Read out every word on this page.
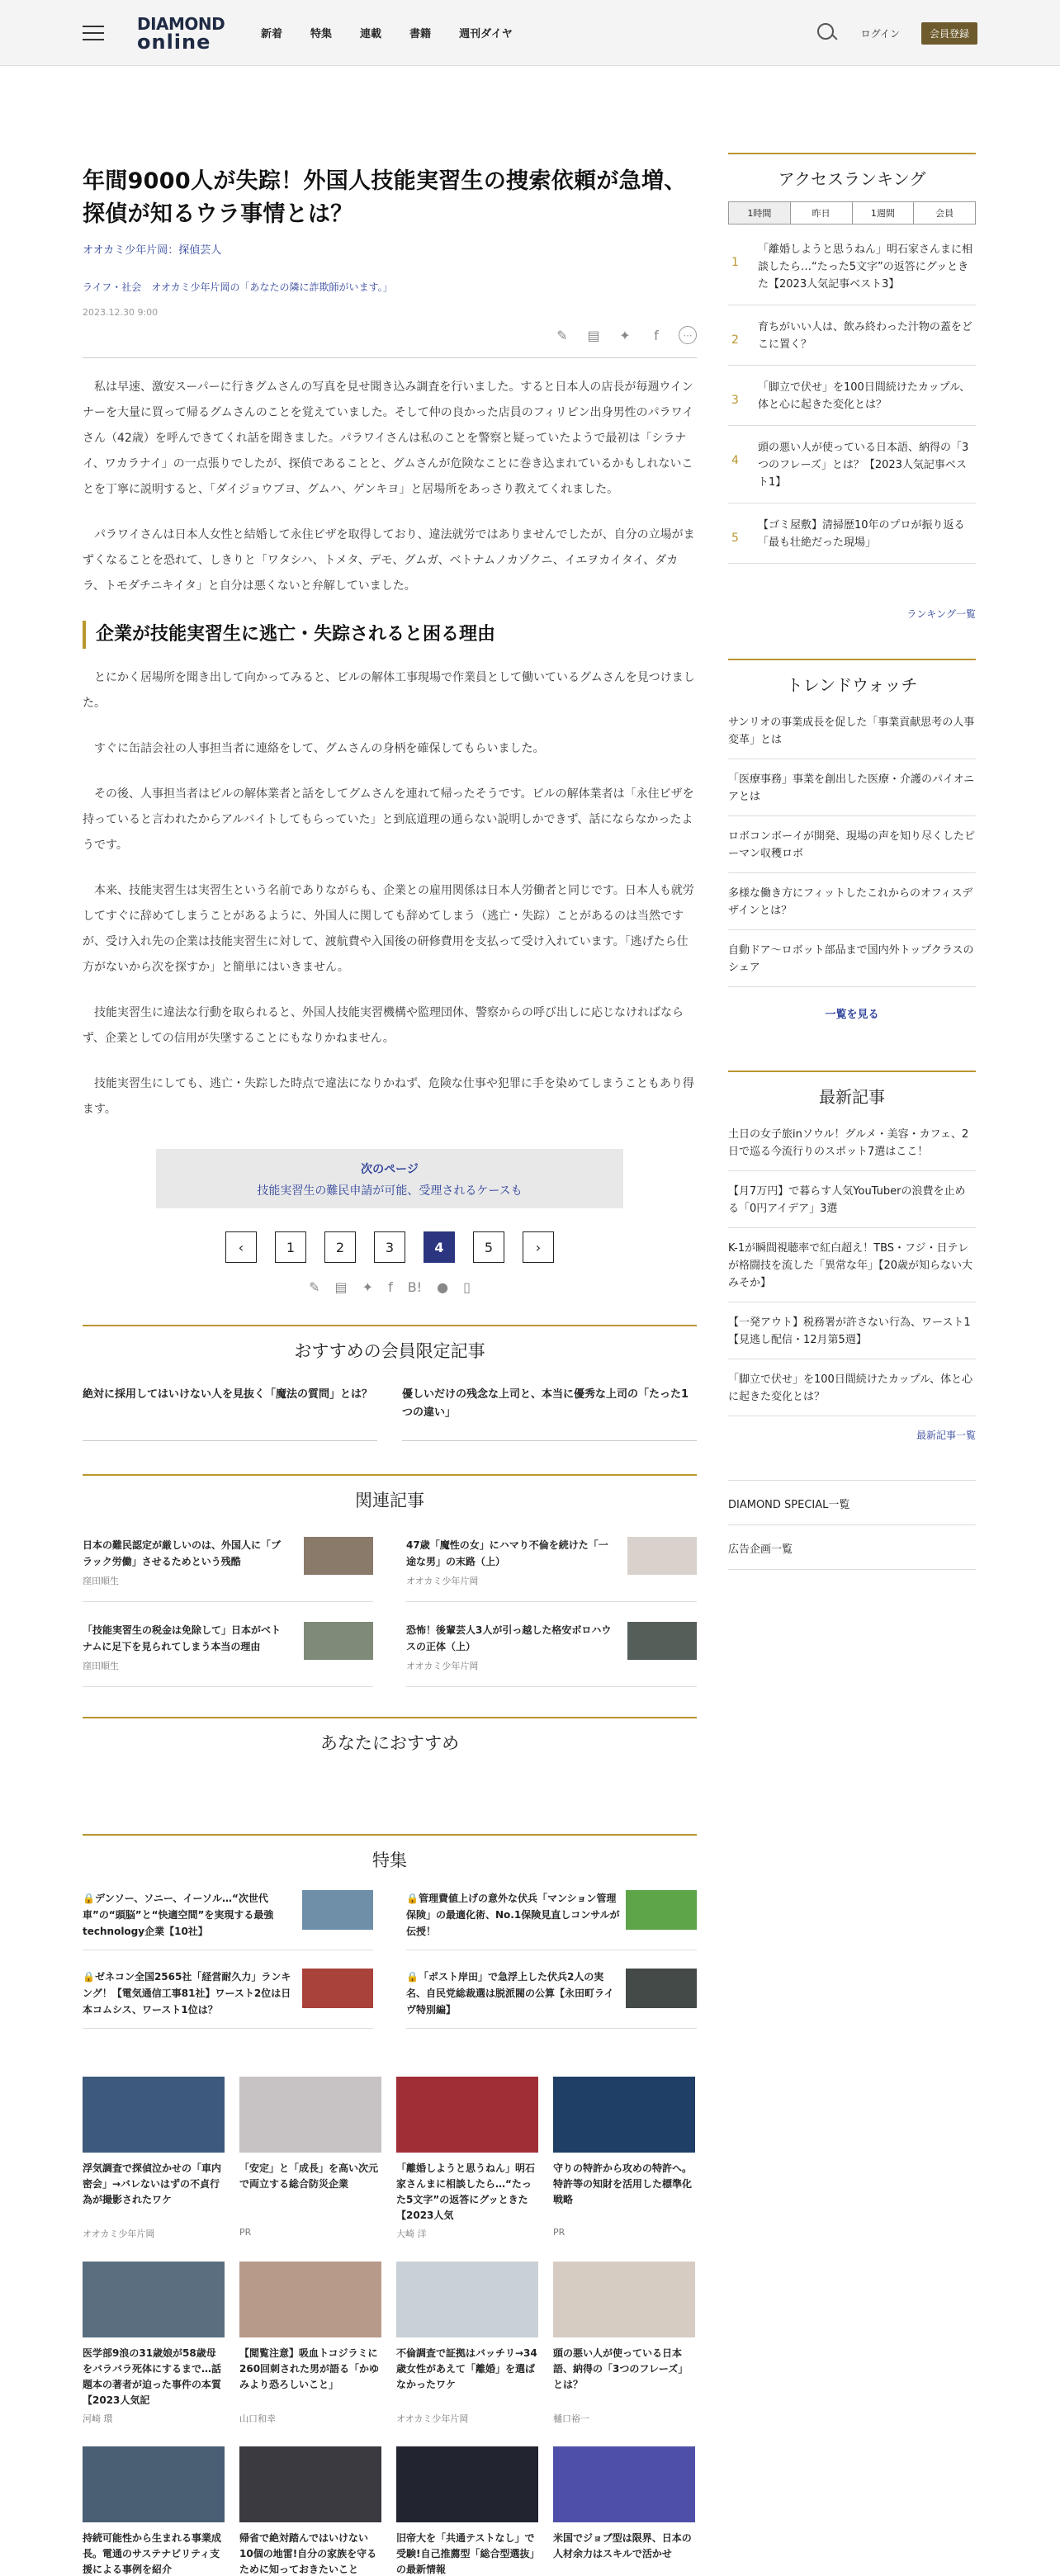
DIAMOND
online	新着	特集	連載	書籍	週刊ダイヤ	ログイン	会員登録
年間9000人が失踪！外国人技能実習生の捜索依頼が急増、探偵が知るウラ事情とは？
オオカミ少年片岡：探偵芸人
ライフ・社会　オオカミ少年片岡の「あなたの隣に詐欺師がいます。」
2023.12.30 9:00
✎ ▤ ✦	f	⋯

私は早速、激安スーパーに行きグムさんの写真を見せ聞き込み調査を行いました。すると日本人の店長が毎週ウインナーを大量に買って帰るグムさんのことを覚えていました。そして仲の良かった店員のフィリピン出身男性のパラワイさん（42歳）を呼んできてくれ話を聞きました。パラワイさんは私のことを警察と疑っていたようで最初は「シラナイ、ワカラナイ」の一点張りでしたが、探偵であることと、グムさんが危険なことに巻き込まれているかもしれないことを丁寧に説明すると、「ダイジョウブヨ、グムハ、ゲンキヨ」と居場所をあっさり教えてくれました。

パラワイさんは日本人女性と結婚して永住ビザを取得しており、違法就労ではありませんでしたが、自分の立場がまずくなることを恐れて、しきりと「ワタシハ、トメタ、デモ、グムガ、ベトナムノカゾクニ、イエヲカイタイ、ダカラ、トモダチニキイタ」と自分は悪くないと弁解していました。

企業が技能実習生に逃亡・失踪されると困る理由

とにかく居場所を聞き出して向かってみると、ビルの解体工事現場で作業員として働いているグムさんを見つけました。

すぐに缶詰会社の人事担当者に連絡をして、グムさんの身柄を確保してもらいました。

その後、人事担当者はビルの解体業者と話をしてグムさんを連れて帰ったそうです。ビルの解体業者は「永住ビザを持っていると言われたからアルバイトしてもらっていた」と到底道理の通らない説明しかできず、話にならなかったようです。

本来、技能実習生は実習生という名前でありながらも、企業との雇用関係は日本人労働者と同じです。日本人も就労してすぐに辞めてしまうことがあるように、外国人に関しても辞めてしまう（逃亡・失踪）ことがあるのは当然ですが、受け入れ先の企業は技能実習生に対して、渡航費や入国後の研修費用を支払って受け入れています。「逃げたら仕方がないから次を探すか」と簡単にはいきません。

技能実習生に違法な行動を取られると、外国人技能実習機構や監理団体、警察からの呼び出しに応じなければならず、企業としての信用が失墜することにもなりかねません。

技能実習生にしても、逃亡・失踪した時点で違法になりかねず、危険な仕事や犯罪に手を染めてしまうこともあり得ます。

次のページ
技能実習生の難民申請が可能、受理されるケースも
‹	1	2	3	4	5	›
✎ ▤ ✦ f B! ● ▯
おすすめの会員限定記事
絶対に採用してはいけない人を見抜く「魔法の質問」とは？	優しいだけの残念な上司と、本当に優秀な上司の「たった1つの違い」
関連記事
日本の難民認定が厳しいのは、外国人に「ブラック労働」させるためという残酷
窪田順生
47歳「魔性の女」にハマり不倫を続けた「一途な男」の末路（上）
オオカミ少年片岡
「技能実習生の税金は免除して」日本がベトナムに足下を見られてしまう本当の理由
窪田順生
恐怖！後輩芸人3人が引っ越した格安ボロハウスの正体（上）
オオカミ少年片岡
あなたにおすすめ
特集
🔒デンソー、ソニー、イーソル…“次世代車”の“頭脳”と“快適空間”を実現する最強technology企業【10社】
🔒管理費値上げの意外な伏兵「マンション管理保険」の最適化術、No.1保険見直しコンサルが伝授！
🔒ゼネコン全国2565社「経営耐久力」ランキング！【電気通信工事81社】ワースト2位は日本コムシス、ワースト1位は？
🔒「ポスト岸田」で急浮上した伏兵2人の実名、自民党総裁選は脱派閥の公算【永田町ライヴ特別編】
浮気調査で探偵泣かせの「車内密会」→バレないはずの不貞行為が撮影されたワケ
オオカミ少年片岡
「安定」と「成長」を高い次元で両立する総合防災企業
PR
「離婚しようと思うねん」明石家さんまに相談したら…“たった5文字”の返答にグッときた【2023人気
大崎 洋
守りの特許から攻めの特許へ。特許等の知財を活用した標準化戦略
PR
医学部9浪の31歳娘が58歳母をバラバラ死体にするまで…話題本の著者が迫った事件の本質【2023人気記
河崎 環
【閲覧注意】吸血トコジラミに260回刺された男が語る「かゆみより恐ろしいこと」
山口和幸
不倫調査で証拠はバッチリ→34歳女性があえて「離婚」を選ばなかったワケ
オオカミ少年片岡
頭の悪い人が使っている日本語、納得の「3つのフレーズ」とは？
樋口裕一
持続可能性から生まれる事業成長。電通のサステナビリティ支援による事例を紹介
帰省で絶対踏んではいけない10個の地雷!自分の家族を守るために知っておきたいこと
旧帝大を「共通テストなし」で受験!自己推薦型「総合型選抜」の最新情報
米国でジョブ型は限界、日本の人材余力はスキルで活かせ
アクセスランキング
1時間	昨日	1週間	会員
1
「離婚しようと思うねん」明石家さんまに相談したら…“たった5文字”の返答にグッときた【2023人気記事ベスト3】
2
育ちがいい人は、飲み終わった汁物の蓋をどこに置く？
3
「脚立で伏せ」を100日間続けたカップル、体と心に起きた変化とは？
4
頭の悪い人が使っている日本語、納得の「3つのフレーズ」とは？【2023人気記事ベスト1】
5
【ゴミ屋敷】清掃歴10年のプロが振り返る「最も壮絶だった現場」
ランキング一覧
トレンドウォッチ
サンリオの事業成長を促した「事業貢献思考の人事変革」とは
「医療事務」事業を創出した医療・介護のパイオニアとは
ロボコンボーイが開発、現場の声を知り尽くしたピーマン収穫ロボ
多様な働き方にフィットしたこれからのオフィスデザインとは？
自動ドア〜ロボット部品まで国内外トップクラスのシェア
一覧を見る
最新記事
土日の女子旅inソウル！グルメ・美容・カフェ、2日で巡る今流行りのスポット7選はここ！
【月7万円】で暮らす人気YouTuberの浪費を止める「0円アイデア」3選
K-1が瞬間視聴率で紅白超え！TBS・フジ・日テレが格闘技を流した「異常な年」【20歳が知らない大みそか】
【一発アウト】税務署が許さない行為、ワースト1【見逃し配信・12月第5週】
「脚立で伏せ」を100日間続けたカップル、体と心に起きた変化とは？
最新記事一覧
DIAMOND SPECIAL一覧
広告企画一覧
